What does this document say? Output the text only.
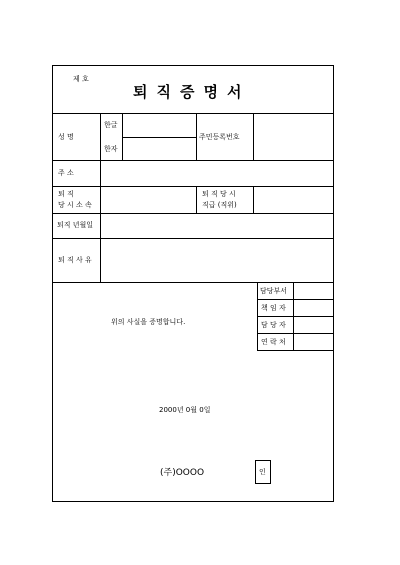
제 호
퇴직증명서
성 명
한글
한자
주민등록번호
주 소
퇴 직
당 시 소 속
퇴 직 당 시
직급 (직위)
퇴직 년월일
퇴 직 사 유
담당부서
책 임 자
담 당 자
연 락 처
위의 사실을 증명합니다.
2000년 0월 0일
(주)OOOO	인
